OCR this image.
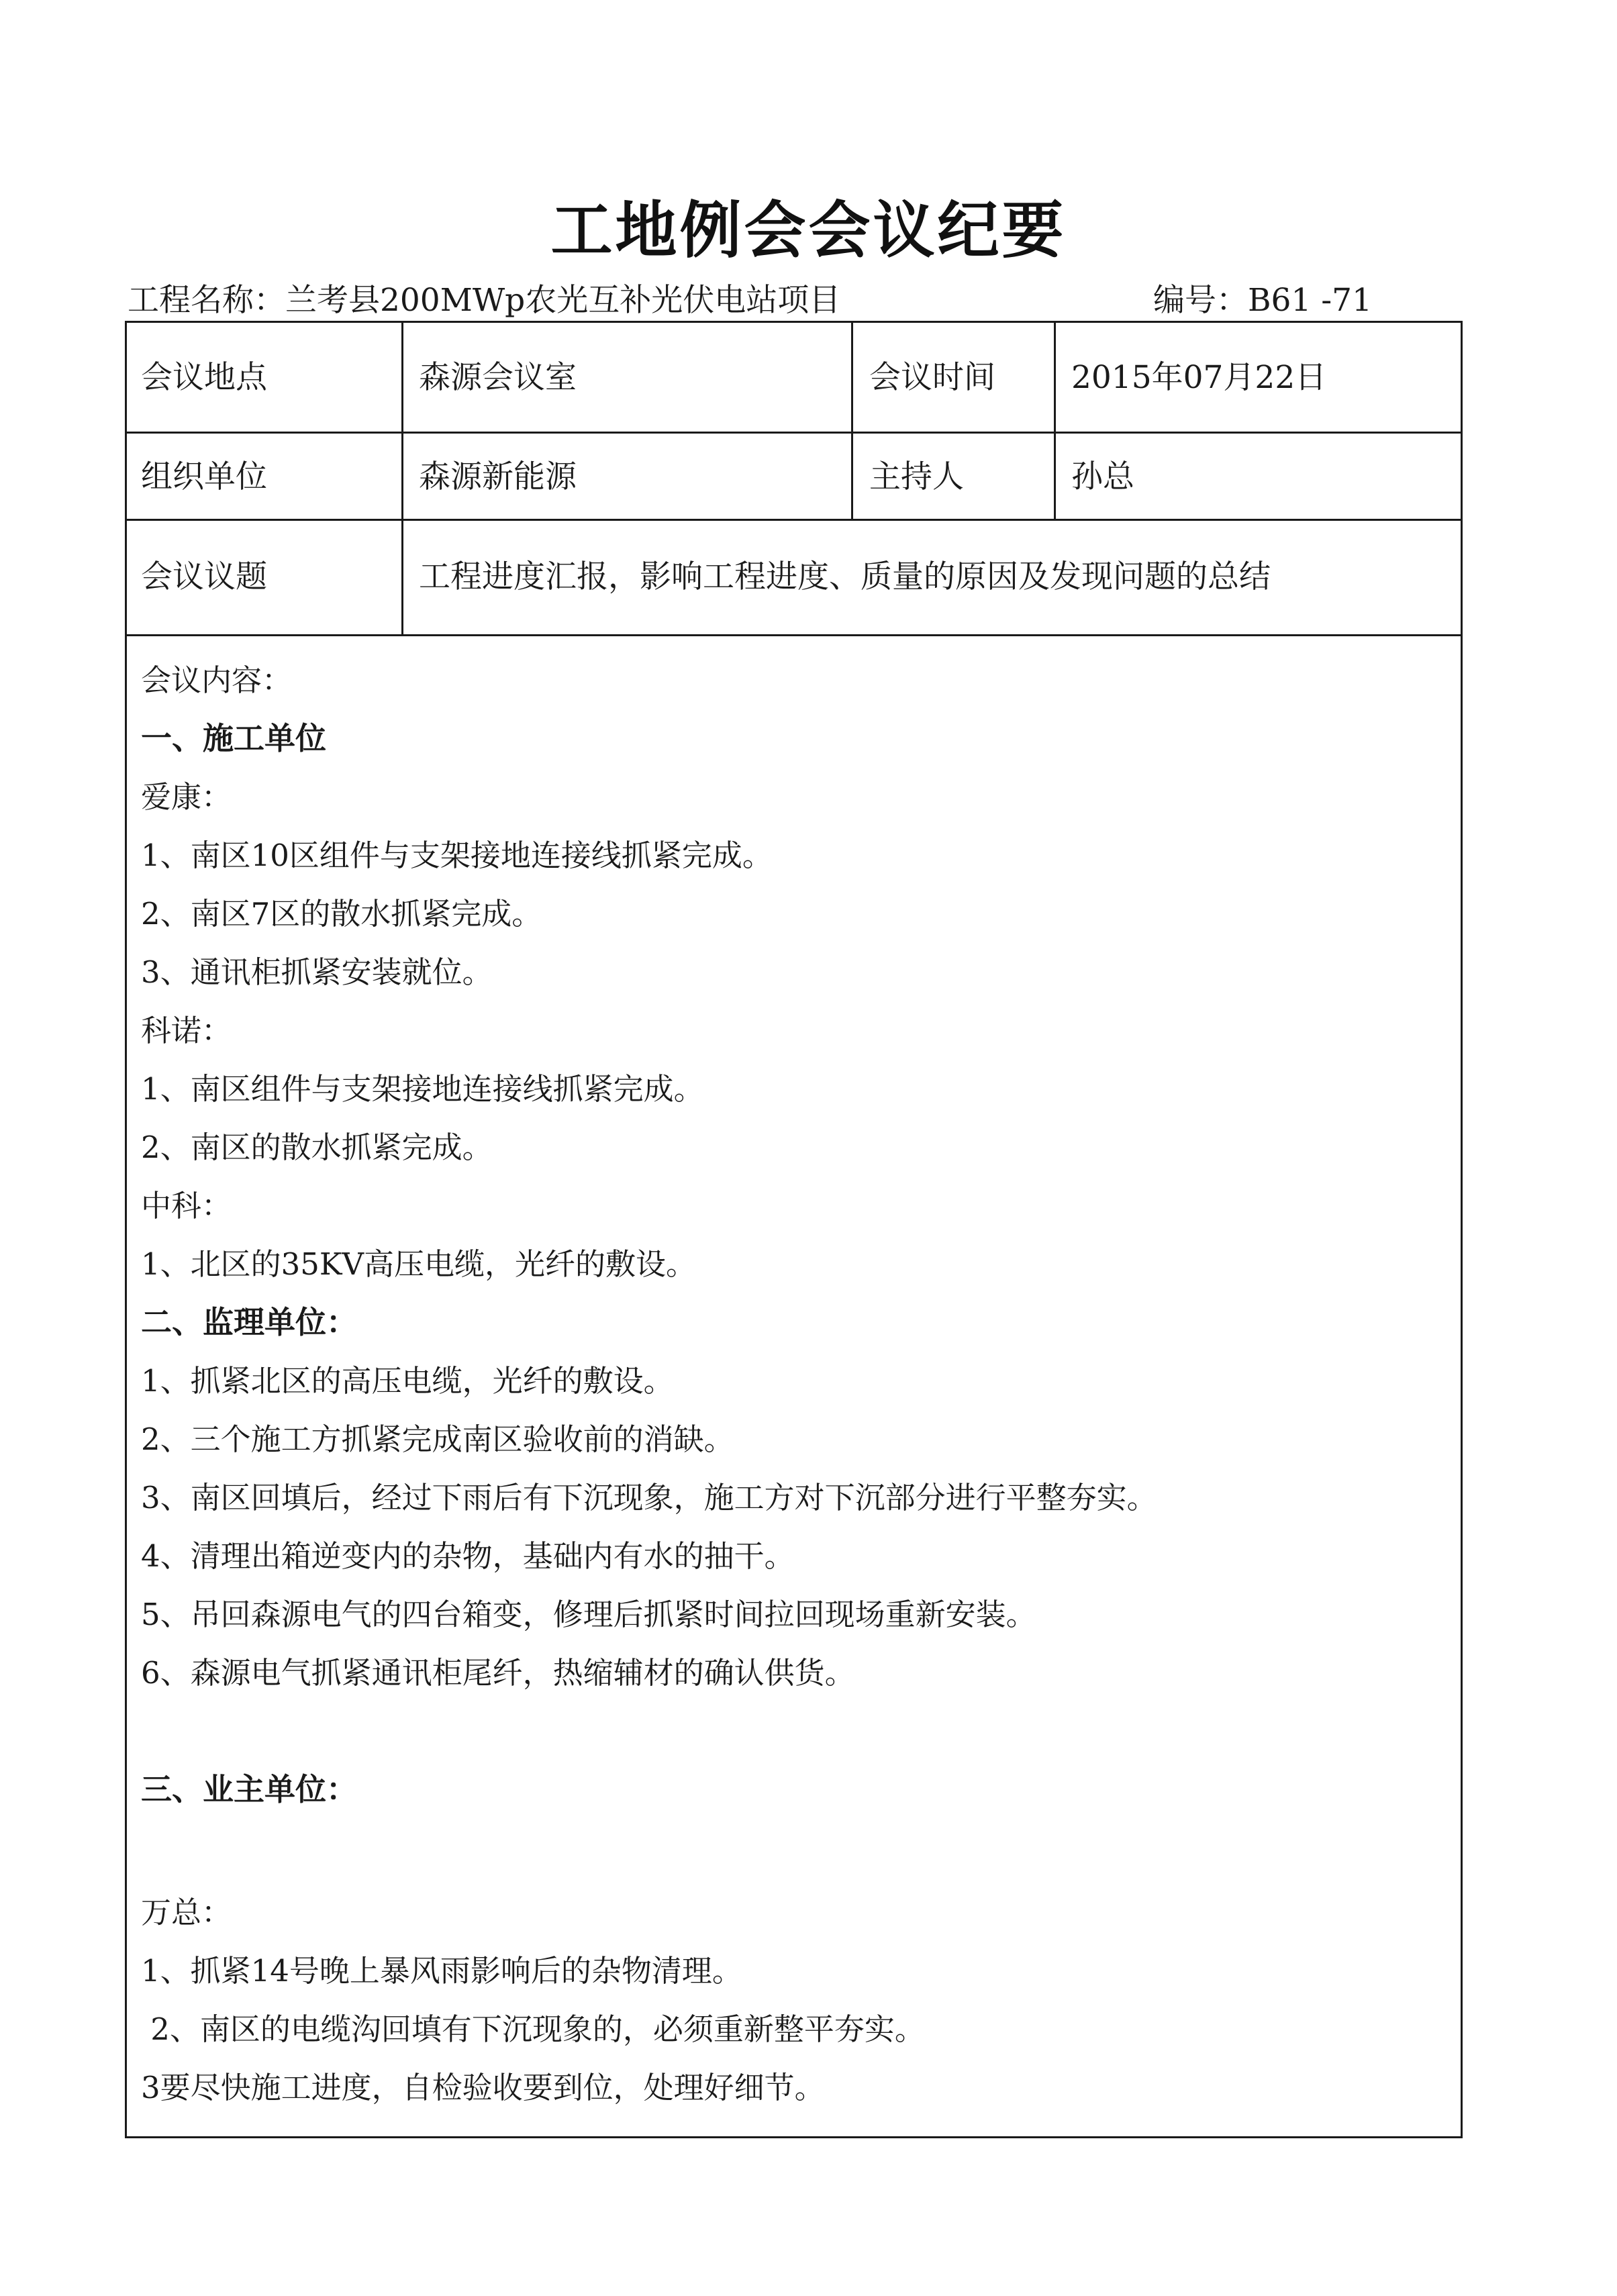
工地例会会议纪要
工程名称：兰考县200MWp农光互补光伏电站项目	编号：B61 -71
会议地点	森源会议室	会议时间 2015年07月22日
组织单位	森源新能源	主持人	孙总
会议议题	工程进度汇报，影响工程进度、质量的原因及发现问题的总结
会议内容：
一、施工单位
爱康：
1、南区10区组件与支架接地连接线抓紧完成。
2、南区7区的散水抓紧完成。
3、通讯柜抓紧安装就位。
科诺：
1、南区组件与支架接地连接线抓紧完成。
2、南区的散水抓紧完成。
中科：
1、北区的35KV高压电缆，光纤的敷设。
二、监理单位：
1、抓紧北区的高压电缆，光纤的敷设。
2、三个施工方抓紧完成南区验收前的消缺。
3、南区回填后，经过下雨后有下沉现象，施工方对下沉部分进行平整夯实。
4、清理出箱逆变内的杂物，基础内有水的抽干。
5、吊回森源电气的四台箱变，修理后抓紧时间拉回现场重新安装。
6、森源电气抓紧通讯柜尾纤，热缩辅材的确认供货。
三、业主单位：
万总：
1、抓紧14号晚上暴风雨影响后的杂物清理。
2、南区的电缆沟回填有下沉现象的，必须重新整平夯实。
3要尽快施工进度，自检验收要到位，处理好细节。
